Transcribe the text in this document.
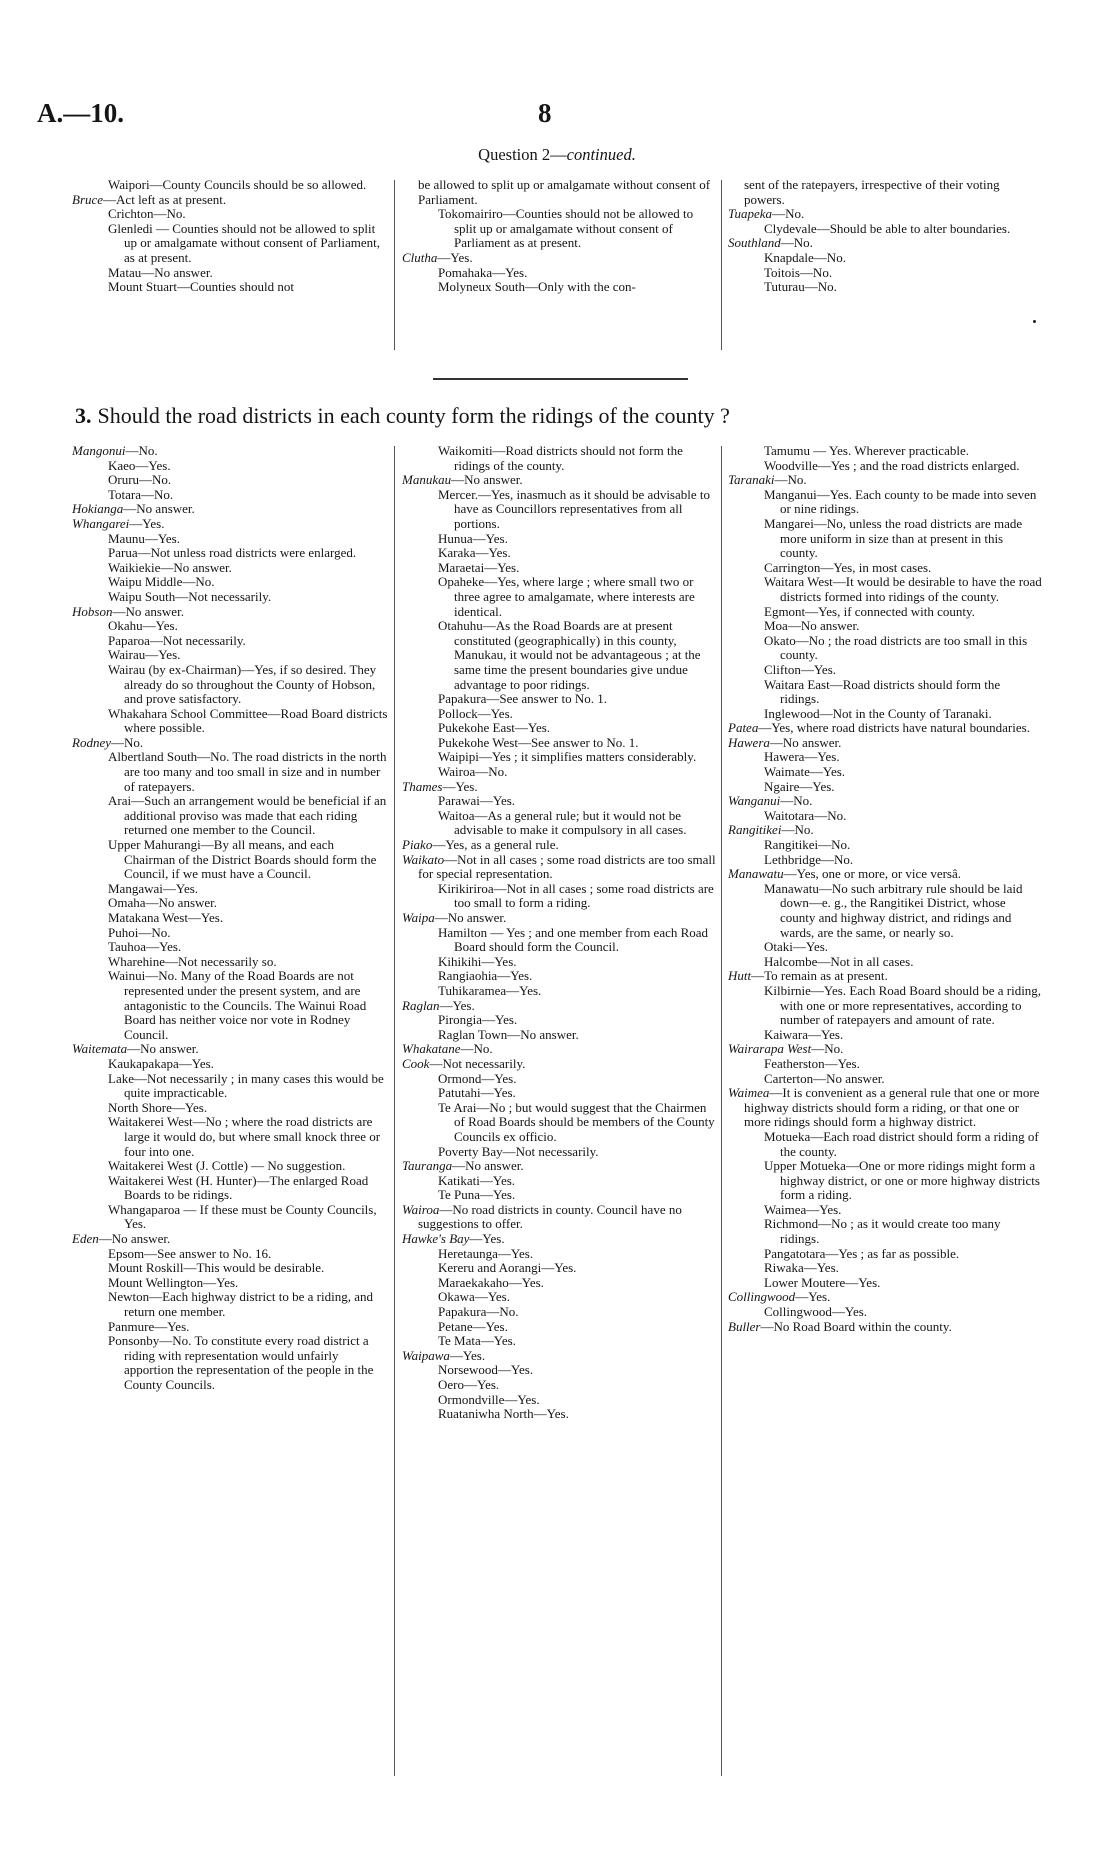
A.—10.	8
Question 2—continued.
Waipori—County Councils should be so allowed.
Bruce—Act left as at present.
Crichton—No.
Glenledi — Counties should not be allowed to split up or amalgamate without consent of Parliament, as at present.
Matau—No answer.
Mount Stuart—Counties should not
be allowed to split up or amalgamate without consent of Parliament.
Tokomairiro—Counties should not be allowed to split up or amalgamate without consent of Parliament as at present.
Clutha—Yes.
Pomahaka—Yes.
Molyneux South—Only with the con-
sent of the ratepayers, irrespective of their voting powers.
Tuapeka—No.
Clydevale—Should be able to alter boundaries.
Southland—No.
Knapdale—No.
Toitois—No.
Tuturau—No.
3. Should the road districts in each county form the ridings of the county ?
Mangonui—No.
Kaeo—Yes.
Oruru—No.
Totara—No.
Hokianga—No answer.
Whangarei—Yes.
Maunu—Yes.
Parua—Not unless road districts were enlarged.
Waikiekie—No answer.
Waipu Middle—No.
Waipu South—Not necessarily.
Hobson—No answer.
Okahu—Yes.
Paparoa—Not necessarily.
Wairau—Yes.
Wairau (by ex-Chairman)—Yes, if so desired. They already do so throughout the County of Hobson, and prove satisfactory.
Whakahara School Committee—Road Board districts where possible.
Rodney—No.
Albertland South—No. The road districts in the north are too many and too small in size and in number of ratepayers.
Arai—Such an arrangement would be beneficial if an additional proviso was made that each riding returned one member to the Council.
Upper Mahurangi—By all means, and each Chairman of the District Boards should form the Council, if we must have a Council.
Mangawai—Yes.
Omaha—No answer.
Matakana West—Yes.
Puhoi—No.
Tauhoa—Yes.
Wharehine—Not necessarily so.
Wainui—No. Many of the Road Boards are not represented under the present system, and are antagonistic to the Councils. The Wainui Road Board has neither voice nor vote in Rodney Council.
Waitemata—No answer.
Kaukapakapa—Yes.
Lake—Not necessarily ; in many cases this would be quite impracticable.
North Shore—Yes.
Waitakerei West—No ; where the road districts are large it would do, but where small knock three or four into one.
Waitakerei West (J. Cottle) — No suggestion.
Waitakerei West (H. Hunter)—The enlarged Road Boards to be ridings.
Whangaparoa — If these must be County Councils, Yes.
Eden—No answer.
Epsom—See answer to No. 16.
Mount Roskill—This would be desirable.
Mount Wellington—Yes.
Newton—Each highway district to be a riding, and return one member.
Panmure—Yes.
Ponsonby—No. To constitute every road district a riding with representation would unfairly apportion the representation of the people in the County Councils.
Waikomiti—Road districts should not form the ridings of the county.
Manukau—No answer.
Mercer.—Yes, inasmuch as it should be advisable to have as Councillors representatives from all portions.
Hunua—Yes.
Karaka—Yes.
Maraetai—Yes.
Opaheke—Yes, where large ; where small two or three agree to amalgamate, where interests are identical.
Otahuhu—As the Road Boards are at present constituted (geographically) in this county, Manukau, it would not be advantageous ; at the same time the present boundaries give undue advantage to poor ridings.
Papakura—See answer to No. 1.
Pollock—Yes.
Pukekohe East—Yes.
Pukekohe West—See answer to No. 1.
Waipipi—Yes ; it simplifies matters considerably.
Wairoa—No.
Thames—Yes.
Parawai—Yes.
Waitoa—As a general rule; but it would not be advisable to make it compulsory in all cases.
Piako—Yes, as a general rule.
Waikato—Not in all cases ; some road districts are too small for special representation.
Kirikiriroa—Not in all cases ; some road districts are too small to form a riding.
Waipa—No answer.
Hamilton — Yes ; and one member from each Road Board should form the Council.
Kihikihi—Yes.
Rangiaohia—Yes.
Tuhikaramea—Yes.
Raglan—Yes.
Pirongia—Yes.
Raglan Town—No answer.
Whakatane—No.
Cook—Not necessarily.
Ormond—Yes.
Patutahi—Yes.
Te Arai—No ; but would suggest that the Chairmen of Road Boards should be members of the County Councils ex officio.
Poverty Bay—Not necessarily.
Tauranga—No answer.
Katikati—Yes.
Te Puna—Yes.
Wairoa—No road districts in county. Council have no suggestions to offer.
Hawke's Bay—Yes.
Heretaunga—Yes.
Kereru and Aorangi—Yes.
Maraekakaho—Yes.
Okawa—Yes.
Papakura—No.
Petane—Yes.
Te Mata—Yes.
Waipawa—Yes.
Norsewood—Yes.
Oero—Yes.
Ormondville—Yes.
Ruataniwha North—Yes.
Tamumu — Yes. Wherever practicable.
Woodville—Yes ; and the road districts enlarged.
Taranaki—No.
Manganui—Yes. Each county to be made into seven or nine ridings.
Mangarei—No, unless the road districts are made more uniform in size than at present in this county.
Carrington—Yes, in most cases.
Waitara West—It would be desirable to have the road districts formed into ridings of the county.
Egmont—Yes, if connected with county.
Moa—No answer.
Okato—No ; the road districts are too small in this county.
Clifton—Yes.
Waitara East—Road districts should form the ridings.
Inglewood—Not in the County of Taranaki.
Patea—Yes, where road districts have natural boundaries.
Hawera—No answer.
Hawera—Yes.
Waimate—Yes.
Ngaire—Yes.
Wanganui—No.
Waitotara—No.
Rangitikei—No.
Rangitikei—No.
Lethbridge—No.
Manawatu—Yes, one or more, or vice versâ.
Manawatu—No such arbitrary rule should be laid down—e. g., the Rangitikei District, whose county and highway district, and ridings and wards, are the same, or nearly so.
Otaki—Yes.
Halcombe—Not in all cases.
Hutt—To remain as at present.
Kilbirnie—Yes. Each Road Board should be a riding, with one or more representatives, according to number of ratepayers and amount of rate.
Kaiwara—Yes.
Wairarapa West—No.
Featherston—Yes.
Carterton—No answer.
Waimea—It is convenient as a general rule that one or more highway districts should form a riding, or that one or more ridings should form a highway district.
Motueka—Each road district should form a riding of the county.
Upper Motueka—One or more ridings might form a highway district, or one or more highway districts form a riding.
Waimea—Yes.
Richmond—No ; as it would create too many ridings.
Pangatotara—Yes ; as far as possible.
Riwaka—Yes.
Lower Moutere—Yes.
Collingwood—Yes.
Collingwood—Yes.
Buller—No Road Board within the county.
